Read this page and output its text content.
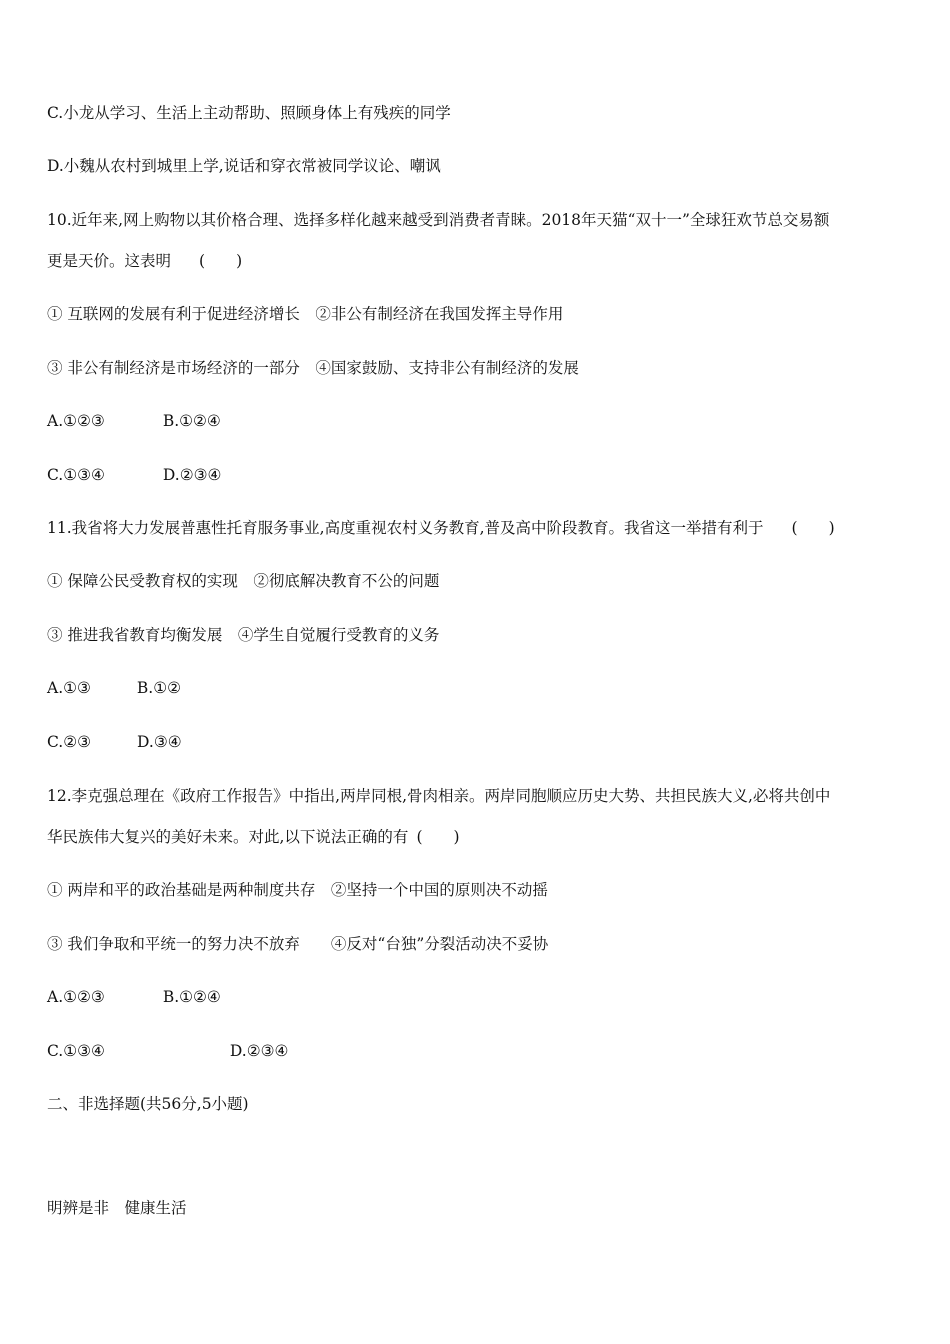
C.小龙从学习、生活上主动帮助、照顾身体上有残疾的同学
D.小魏从农村到城里上学,说话和穿衣常被同学议论、嘲讽
10.近年来,网上购物以其价格合理、选择多样化越来越受到消费者青睐。2018年天猫“双十一”全球狂欢节总交易额
更是天价。这表明 (　　)
① 互联网的发展有利于促进经济增长　②非公有制经济在我国发挥主导作用
③ 非公有制经济是市场经济的一部分　④国家鼓励、支持非公有制经济的发展
A.①②③	B.①②④
C.①③④	D.②③④
11.我省将大力发展普惠性托育服务事业,高度重视农村义务教育,普及高中阶段教育。我省这一举措有利于 (　　)
① 保障公民受教育权的实现　②彻底解决教育不公的问题
③ 推进我省教育均衡发展　④学生自觉履行受教育的义务
A.①③	B.①②
C.②③	D.③④
12.李克强总理在《政府工作报告》中指出,两岸同根,骨肉相亲。两岸同胞顺应历史大势、共担民族大义,必将共创中
华民族伟大复兴的美好未来。对此,以下说法正确的有 (　　)
① 两岸和平的政治基础是两种制度共存　②坚持一个中国的原则决不动摇
③ 我们争取和平统一的努力决不放弃　　④反对“台独”分裂活动决不妥协
A.①②③	B.①②④
C.①③④	D.②③④
二、非选择题(共56分,5小题)
明辨是非　健康生活
